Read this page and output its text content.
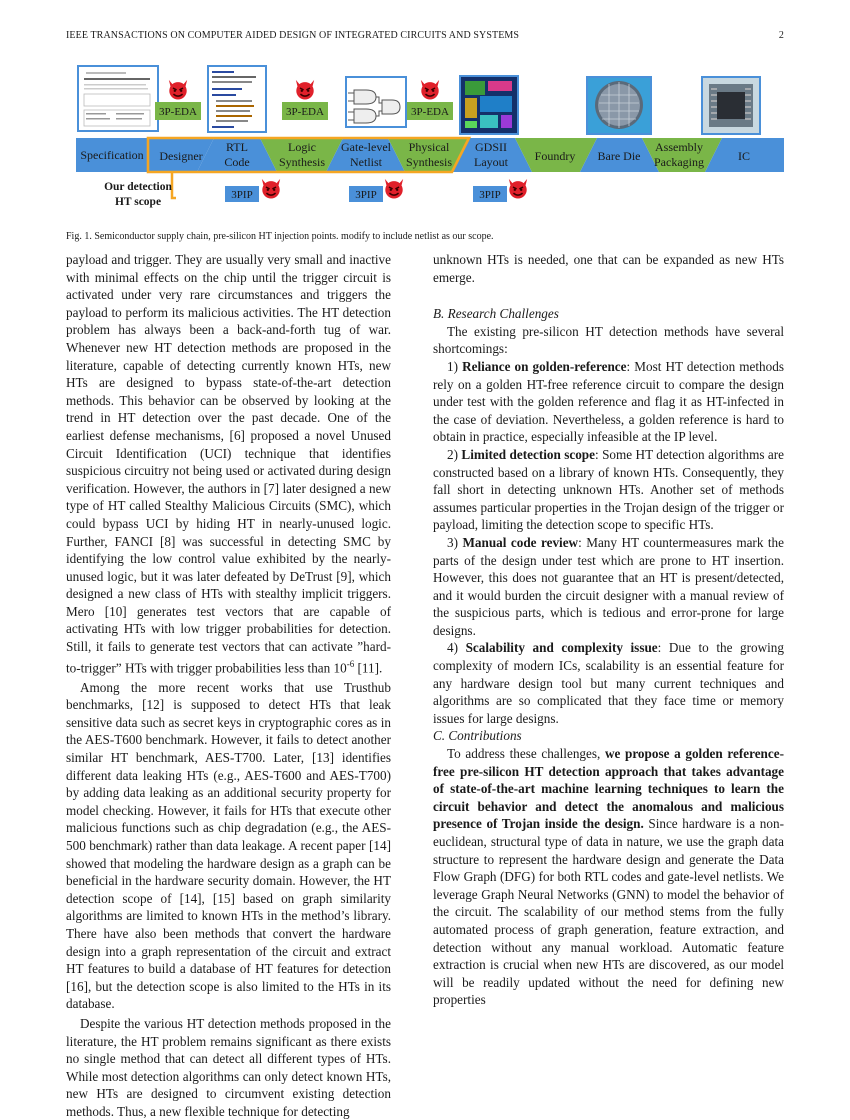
IEEE TRANSACTIONS ON COMPUTER AIDED DESIGN OF INTEGRATED CIRCUITS AND SYSTEMS	2
Specification Designer
RTL
Code
Logic
Synthesis
Gate-level
Netlist
Physical
Synthesis
GDSII
Layout Foundry Bare Die
Assembly
Packaging	IC
3P-EDA	3P-EDA	3P-EDA
3PIP	3PIP	3PIP
Our detection
HT scope
Fig. 1. Semiconductor supply chain, pre-silicon HT injection points. modify to include netlist as our scope.

payload and trigger. They are usually very small and inactive with minimal effects on the chip until the trigger circuit is activated under very rare circumstances and triggers the payload to perform its malicious activities. The HT detection problem has always been a back-and-forth tug of war. Whenever new HT detection methods are proposed in the literature, capable of detecting currently known HTs, new HTs are designed to bypass state-of-the-art detection methods. This behavior can be observed by looking at the trend in HT detection over the past decade. One of the earliest defense mechanisms, [6] proposed a novel Unused Circuit Identification (UCI) technique that identifies suspicious circuitry not being used or activated during design verification. However, the authors in [7] later designed a new type of HT called Stealthy Malicious Circuits (SMC), which could bypass UCI by hiding HT in nearly-unused logic. Further, FANCI [8] was successful in detecting SMC by identifying the low control value exhibited by the nearly-unused logic, but it was later defeated by DeTrust [9], which designed a new class of HTs with stealthy implicit triggers. Mero [10] generates test vectors that are capable of activating HTs with low trigger probabilities for detection. Still, it fails to generate test vectors that can activate ”hard-to-trigger” HTs with trigger probabilities less than $10^{-6}$ [11].

Among the more recent works that use Trusthub benchmarks, [12] is supposed to detect HTs that leak sensitive data such as secret keys in cryptographic cores as in the AES-T600 benchmark. However, it fails to detect another similar HT benchmark, AES-T700. Later, [13] identifies different data leaking HTs (e.g., AES-T600 and AES-T700) by adding data leaking as an additional security property for model checking. However, it fails for HTs that execute other malicious functions such as chip degradation (e.g., the AES-500 benchmark) rather than data leakage. A recent paper [14] showed that modeling the hardware design as a graph can be beneficial in the hardware security domain. However, the HT detection scope of [14], [15] based on graph similarity algorithms are limited to known HTs in the method’s library. There have also been methods that convert the hardware design into a graph representation of the circuit and extract HT features to build a database of HT features for detection [16], but the detection scope is also limited to the HTs in its database.

Despite the various HT detection methods proposed in the literature, the HT problem remains significant as there exists no single method that can detect all different types of HTs. While most detection algorithms can only detect known HTs, new HTs are designed to circumvent existing detection methods. Thus, a new flexible technique for detecting

unknown HTs is needed, one that can be expanded as new HTs emerge.

B. Research Challenges

The existing pre-silicon HT detection methods have several shortcomings:

1) Reliance on golden-reference: Most HT detection methods rely on a golden HT-free reference circuit to compare the design under test with the golden reference and flag it as HT-infected in the case of deviation. Nevertheless, a golden reference is hard to obtain in practice, especially infeasible at the IP level.

2) Limited detection scope: Some HT detection algorithms are constructed based on a library of known HTs. Consequently, they fall short in detecting unknown HTs. Another set of methods assumes particular properties in the Trojan design of the trigger or payload, limiting the detection scope to specific HTs.

3) Manual code review: Many HT countermeasures mark the parts of the design under test which are prone to HT insertion. However, this does not guarantee that an HT is present/detected, and it would burden the circuit designer with a manual review of the suspicious parts, which is tedious and error-prone for large designs.

4) Scalability and complexity issue: Due to the growing complexity of modern ICs, scalability is an essential feature for any hardware design tool but many current techniques and algorithms are so complicated that they face time or memory issues for large designs.

C. Contributions

To address these challenges, we propose a golden reference-free pre-silicon HT detection approach that takes advantage of state-of-the-art machine learning techniques to learn the circuit behavior and detect the anomalous and malicious presence of Trojan inside the design. Since hardware is a non-euclidean, structural type of data in nature, we use the graph data structure to represent the hardware design and generate the Data Flow Graph (DFG) for both RTL codes and gate-level netlists. We leverage Graph Neural Networks (GNN) to model the behavior of the circuit. The scalability of our method stems from the fully automated process of graph generation, feature extraction, and detection without any manual workload. Automatic feature extraction is crucial when new HTs are discovered, as our model will be readily updated without the need for defining new properties
